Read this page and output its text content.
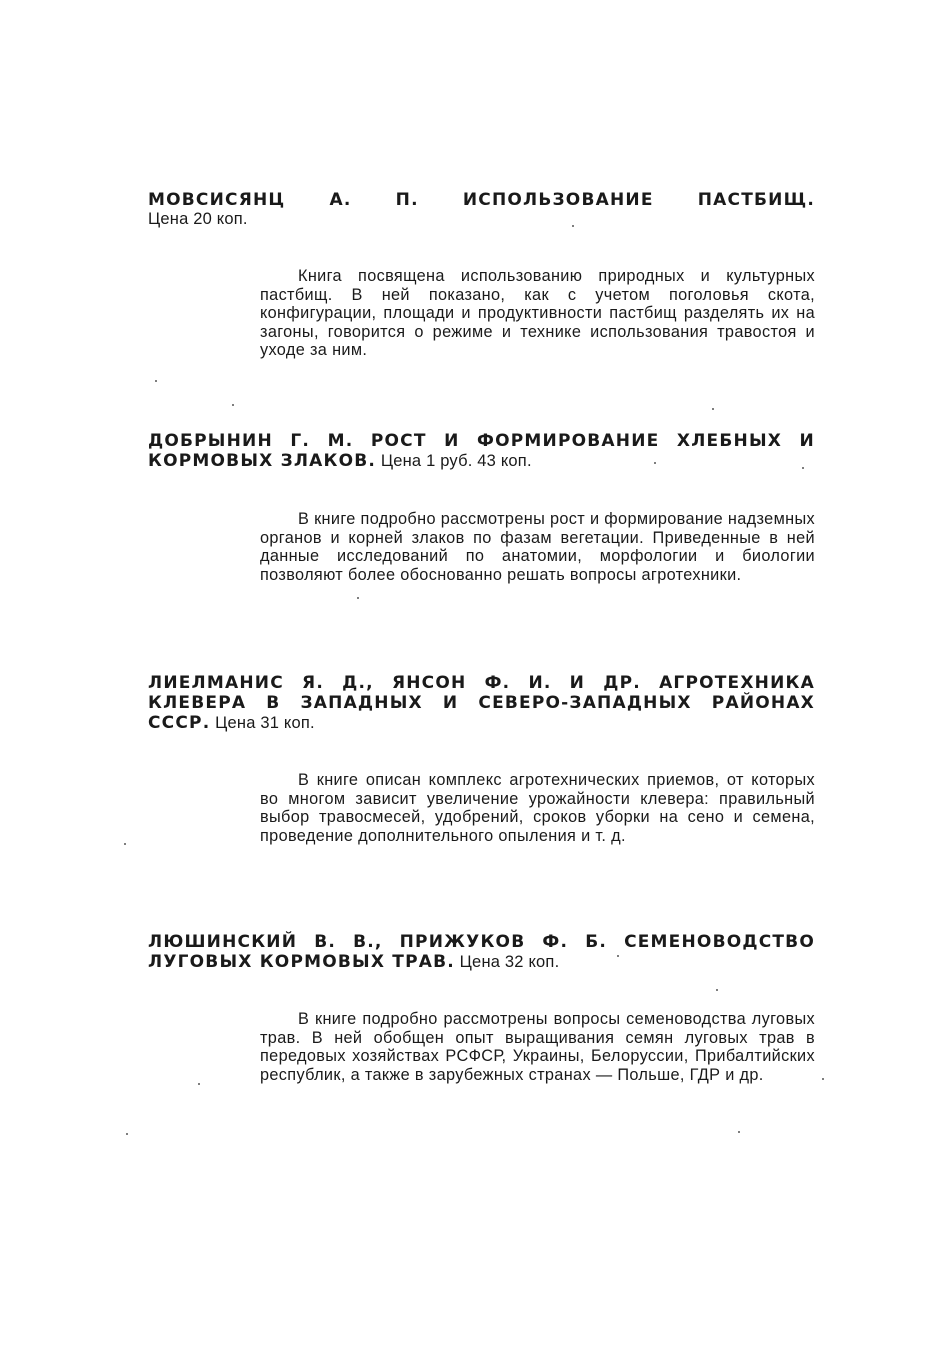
МОВСИСЯНЦ А. П. ИСПОЛЬЗОВАНИЕ ПАСТБИЩ.

Цена 20 коп.

Книга посвящена использованию природных и культурных пастбищ. В ней показано, как с учетом поголовья скота, конфигурации, площади и продуктивности пастбищ разделять их на загоны, говорится о режиме и технике использования травостоя и уходе за ним.

ДОБРЫНИН Г. М. РОСТ И ФОРМИРОВАНИЕ ХЛЕБНЫХ И КОРМОВЫХ ЗЛАКОВ. Цена 1 руб. 43 коп.

В книге подробно рассмотрены рост и формирование надземных органов и корней злаков по фазам вегетации. Приведенные в ней данные исследований по анатомии, морфологии и биологии позволяют более обоснованно решать вопросы агротехники.

ЛИЕЛМАНИС Я. Д., ЯНСОН Ф. И. И ДР. АГРОТЕХНИКА КЛЕВЕРА В ЗАПАДНЫХ И СЕВЕРО-ЗАПАДНЫХ РАЙОНАХ СССР. Цена 31 коп.

В книге описан комплекс агротехнических приемов, от которых во многом зависит увеличение урожайности клевера: правильный выбор травосмесей, удобрений, сроков уборки на сено и семена, проведение дополнительного опыления и т. д.

ЛЮШИНСКИЙ В. В., ПРИЖУКОВ Ф. Б. СЕМЕНОВОДСТВО ЛУГОВЫХ КОРМОВЫХ ТРАВ. Цена 32 коп.

В книге подробно рассмотрены вопросы семеноводства луговых трав. В ней обобщен опыт выращивания семян луговых трав в передовых хозяйствах РСФСР, Украины, Белоруссии, Прибалтийских республик, а также в зарубежных странах — Польше, ГДР и др.
